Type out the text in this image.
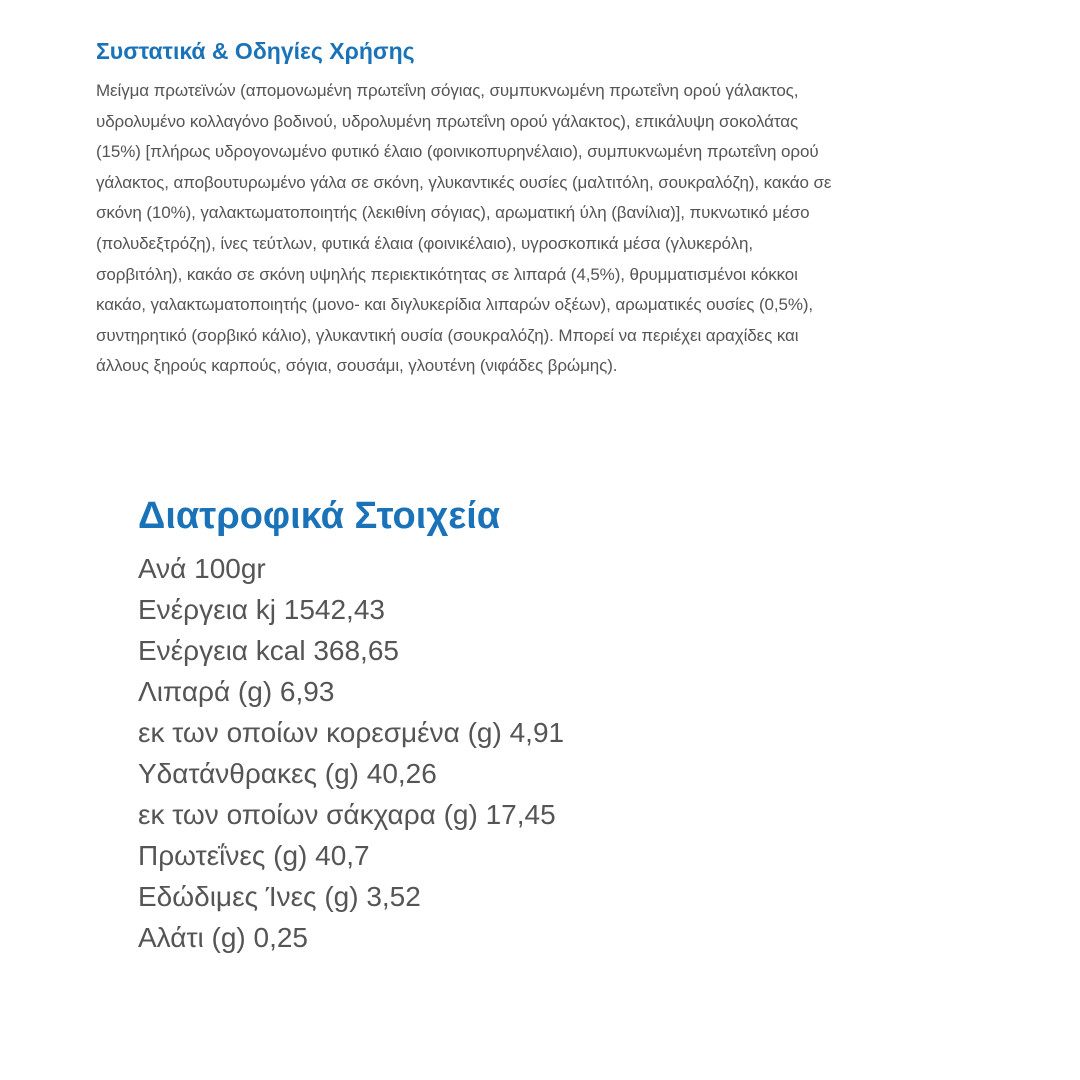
Συστατικά & Οδηγίες Χρήσης

Μείγμα πρωτεϊνών (απομονωμένη πρωτεΐνη σόγιας, συμπυκνωμένη πρωτεΐνη ορού γάλακτος, υδρολυμένο κολλαγόνο βοδινού, υδρολυμένη πρωτεΐνη ορού γάλακτος), επικάλυψη σοκολάτας (15%) [πλήρως υδρογονωμένο φυτικό έλαιο (φοινικοπυρηνέλαιο), συμπυκνωμένη πρωτεΐνη ορού γάλακτος, αποβουτυρωμένο γάλα σε σκόνη, γλυκαντικές ουσίες (μαλτιτόλη, σουκραλόζη), κακάο σε σκόνη (10%), γαλακτωματοποιητής (λεκιθίνη σόγιας), αρωματική ύλη (βανίλια)], πυκνωτικό μέσο (πολυδεξτρόζη), ίνες τεύτλων, φυτικά έλαια (φοινικέλαιο), υγροσκοπικά μέσα (γλυκερόλη, σορβιτόλη), κακάο σε σκόνη υψηλής περιεκτικότητας σε λιπαρά (4,5%), θρυμματισμένοι κόκκοι κακάο, γαλακτωματοποιητής (μονο- και διγλυκερίδια λιπαρών οξέων), αρωματικές ουσίες (0,5%), συντηρητικό (σορβικό κάλιο), γλυκαντική ουσία (σουκραλόζη). Μπορεί να περιέχει αραχίδες και άλλους ξηρούς καρπούς, σόγια, σουσάμι, γλουτένη (νιφάδες βρώμης).

Διατροφικά Στοιχεία
Ανά 100gr
Ενέργεια kj 1542,43
Ενέργεια kcal 368,65
Λιπαρά (g) 6,93
εκ των οποίων κορεσμένα (g) 4,91
Υδατάνθρακες (g) 40,26
εκ των οποίων σάκχαρα (g) 17,45
Πρωτεΐνες (g) 40,7
Εδώδιμες Ίνες (g) 3,52
Αλάτι (g) 0,25
